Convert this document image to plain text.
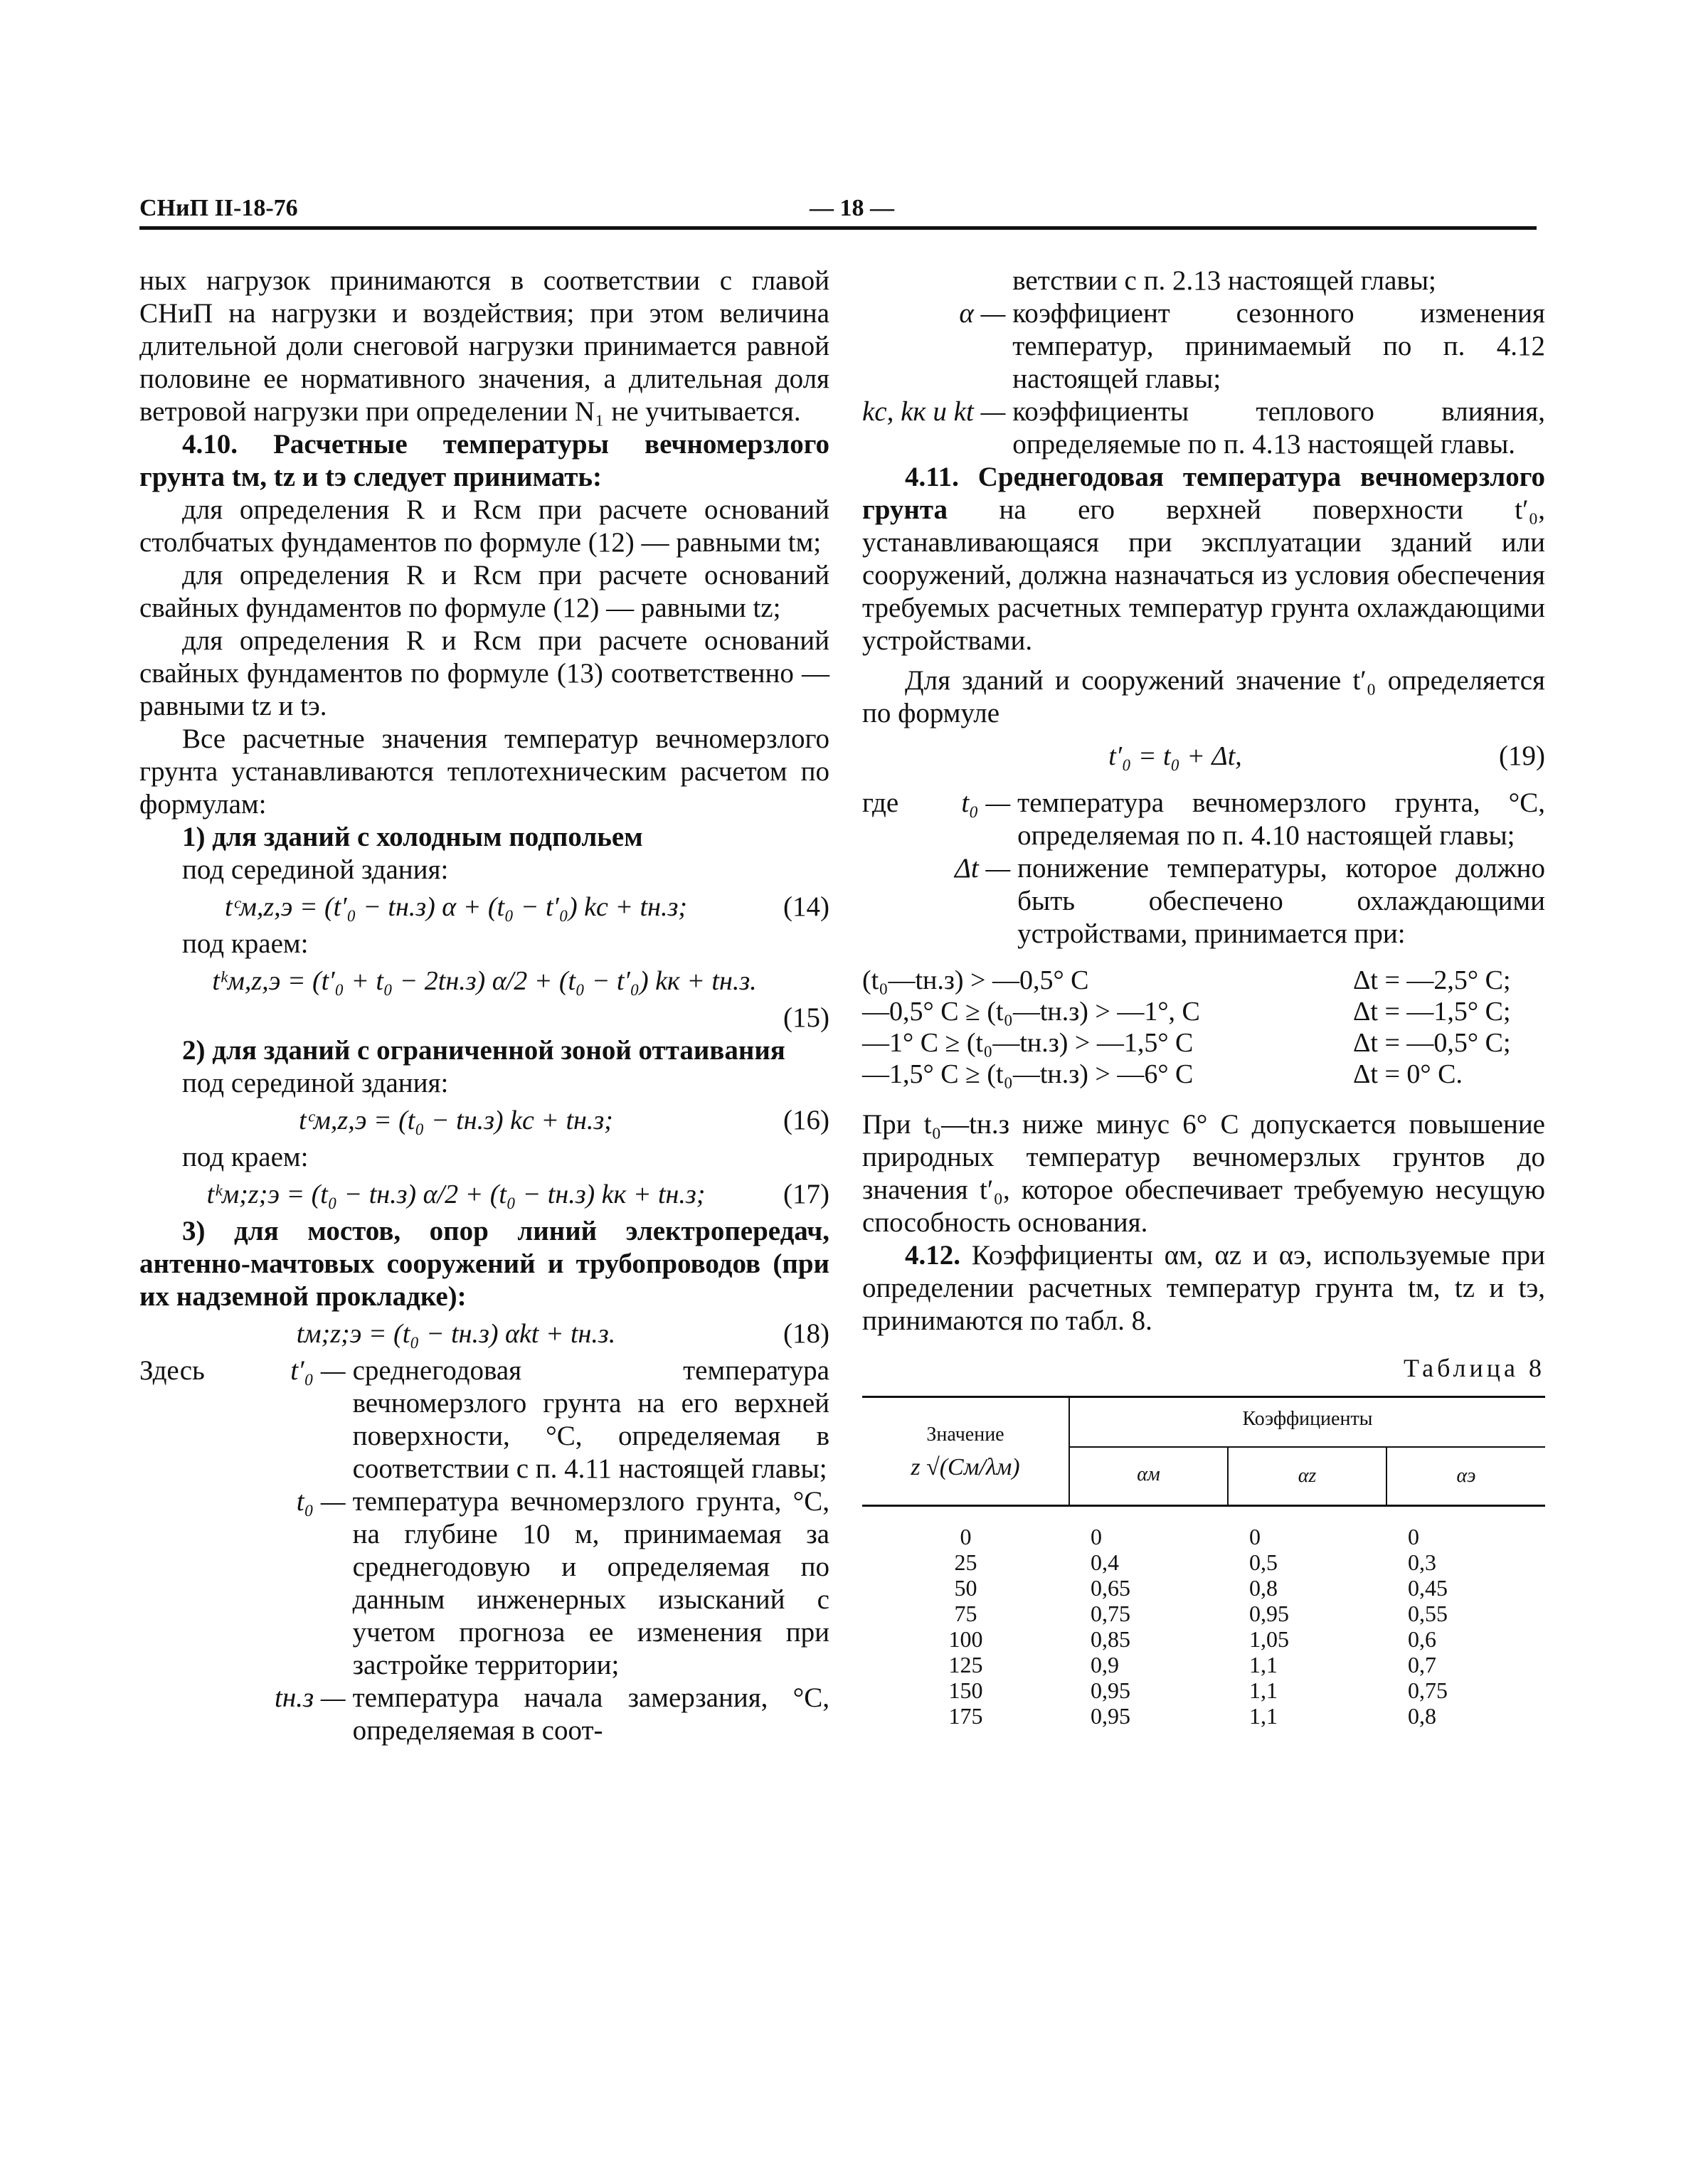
СНиП II-18-76	— 18 —

ных нагрузок принимаются в соответствии с главой СНиП на нагрузки и воздействия; при этом величина длительной доли снеговой нагрузки принимается равной половине ее нормативного значения, а длительная доля ветровой нагрузки при определении N₁ не учитывается.

4.10. Расчетные температуры вечномерзлого грунта tм, tz и tэ следует принимать:

для определения R и Rсм при расчете оснований столбчатых фундаментов по формуле (12) — равными tм;

для определения R и Rсм при расчете оснований свайных фундаментов по формуле (12) — равными tz;

для определения R и Rсм при расчете оснований свайных фундаментов по формуле (13) соответственно — равными tz и tэ.

Все расчетные значения температур вечномерзлого грунта устанавливаются теплотехническим расчетом по формулам:

1) для зданий с холодным подпольем

под серединой здания:

tᶜм,z,э = (t′₀ − tн.з) α + (t₀ − t′₀) kс + tн.з;	(14)

под краем:

tᵏм,z,э = (t′₀ + t₀ − 2tн.з) α/2 + (t₀ − t′₀) kк + tн.з.
(15)

2) для зданий с ограниченной зоной оттаивания

под серединой здания:

tᶜм,z,э = (t₀ − tн.з) kс + tн.з;	(16)

под краем:

tᵏм;z;э = (t₀ − tн.з) α/2 + (t₀ − tн.з) kк + tн.з;	(17)

3) для мостов, опор линий электропередач, антенно-мачтовых сооружений и трубопроводов (при их надземной прокладке):

tм;z;э = (t₀ − tн.з) αkt + tн.з.	(18)
Здесь	t′₀ — среднегодовая температура вечномерзлого грунта на его верхней поверхности, °С, определяемая в соответствии с п. 4.11 настоящей главы;

t₀ — температура вечномерзлого грунта, °С, на глубине 10 м, принимаемая за среднегодовую и определяемая по данным инженерных изысканий с учетом прогноза ее изменения при застройке территории;

tн.з — температура начала замерзания, °С, определяемая в соот-

ветствии с п. 2.13 настоящей главы;

α — коэффициент сезонного изменения температур, принимаемый по п. 4.12 настоящей главы;

kс, kк и kt — коэффициенты теплового влияния, определяемые по п. 4.13 настоящей главы.

4.11. Среднегодовая температура вечномерзлого грунта на его верхней поверхности t′₀, устанавливающаяся при эксплуатации зданий или сооружений, должна назначаться из условия обеспечения требуемых расчетных температур грунта охлаждающими устройствами.

Для зданий и сооружений значение t′₀ определяется по формуле

t′₀ = t₀ + Δt,	(19)
где	t₀ — температура вечномерзлого грунта, °С, определяемая по п. 4.10 настоящей главы;

Δt — понижение температуры, которое должно быть обеспечено охлаждающими устройствами, принимается при:

(t₀—tн.з) > —0,5° С	Δt = —2,5° С;
—0,5° С ≥ (t₀—tн.з) > —1°, С	Δt = —1,5° С;
—1° С ≥ (t₀—tн.з) > —1,5° С	Δt = —0,5° С;
—1,5° С ≥ (t₀—tн.з) > —6° С	Δt = 0° С.

При t₀—tн.з ниже минус 6° С допускается повышение природных температур вечномерзлых грунтов до значения t′₀, которое обеспечивает требуемую несущую способность основания.

4.12. Коэффициенты αм, αz и αэ, используемые при определении расчетных температур грунта tм, tz и tэ, принимаются по табл. 8.

Таблица 8
Значение
z √(Cм/λм)	Коэффициенты		
	αм	αz	αэ
0	0	0	0
25	0,4	0,5	0,3
50	0,65	0,8	0,45
75	0,75	0,95	0,55
100	0,85	1,05	0,6
125	0,9	1,1	0,7
150	0,95	1,1	0,75
175	0,95	1,1	0,8
